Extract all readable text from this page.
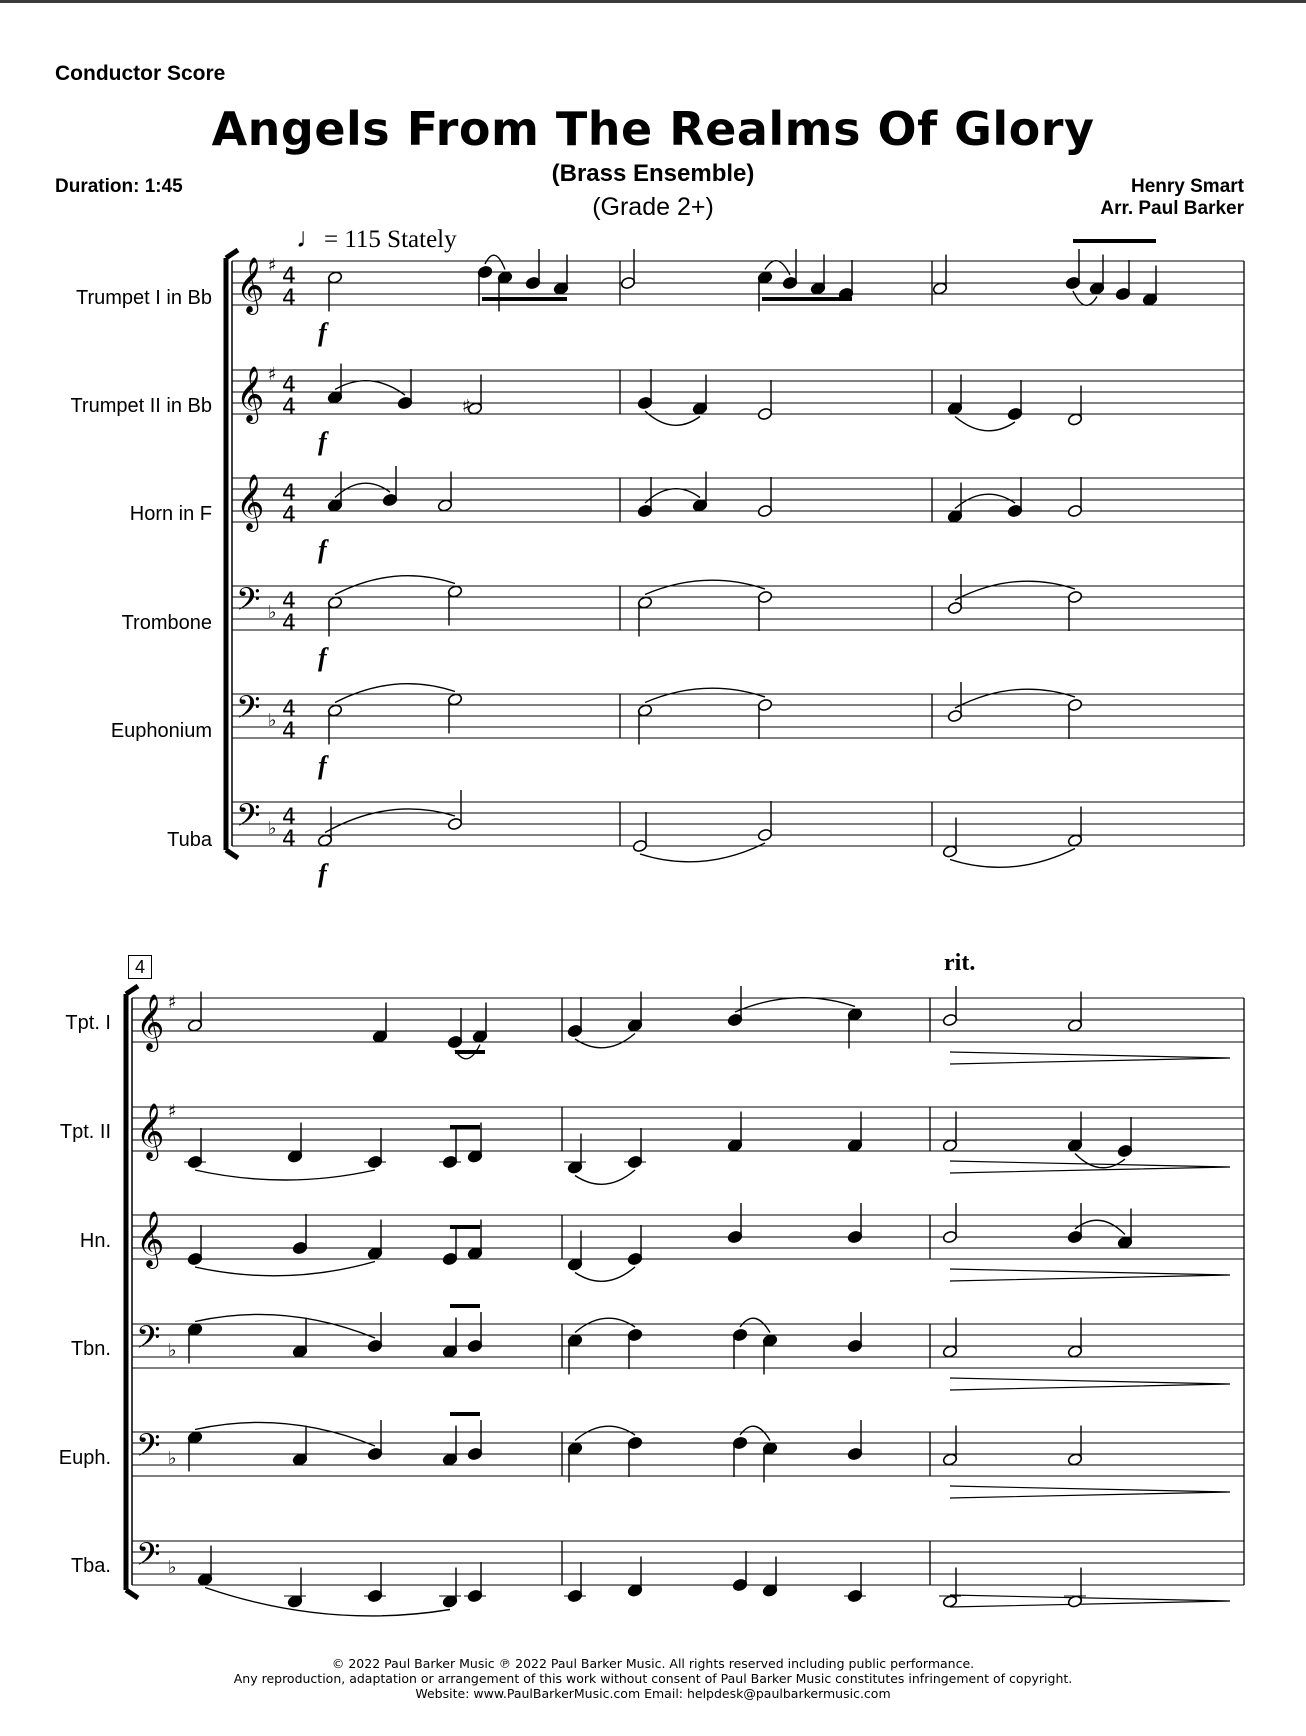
Conductor Score
Angels From The Realms Of Glory
(Brass Ensemble)
(Grade 2+)
Duration: 1:45	Henry Smart
Arr. Paul Barker
♩= 115 Stately
4	rit.
Trumpet I in Bb
Trumpet II in Bb
Horn in F
Trombone
Euphonium
Tuba
Tpt. I
Tpt. II
Hn.
Tbn.
Euph.
Tba.
𝄞 ♯ 4
4
f
𝄞 ♯ 4
4
f
𝄞 4
4
f
𝄢 ♭ 4
4
f
𝄢 ♭ 4
4
f
𝄢 ♭ 4
4
f
♯
𝄞 ♯
𝄞 ♯
𝄞
𝄢 ♭
𝄢 ♭
𝄢 ♭
© 2022 Paul Barker Music ℗ 2022 Paul Barker Music. All rights reserved including public performance.
Any reproduction, adaptation or arrangement of this work without consent of Paul Barker Music constitutes infringement of copyright.
Website: www.PaulBarkerMusic.com Email: helpdesk@paulbarkermusic.com
